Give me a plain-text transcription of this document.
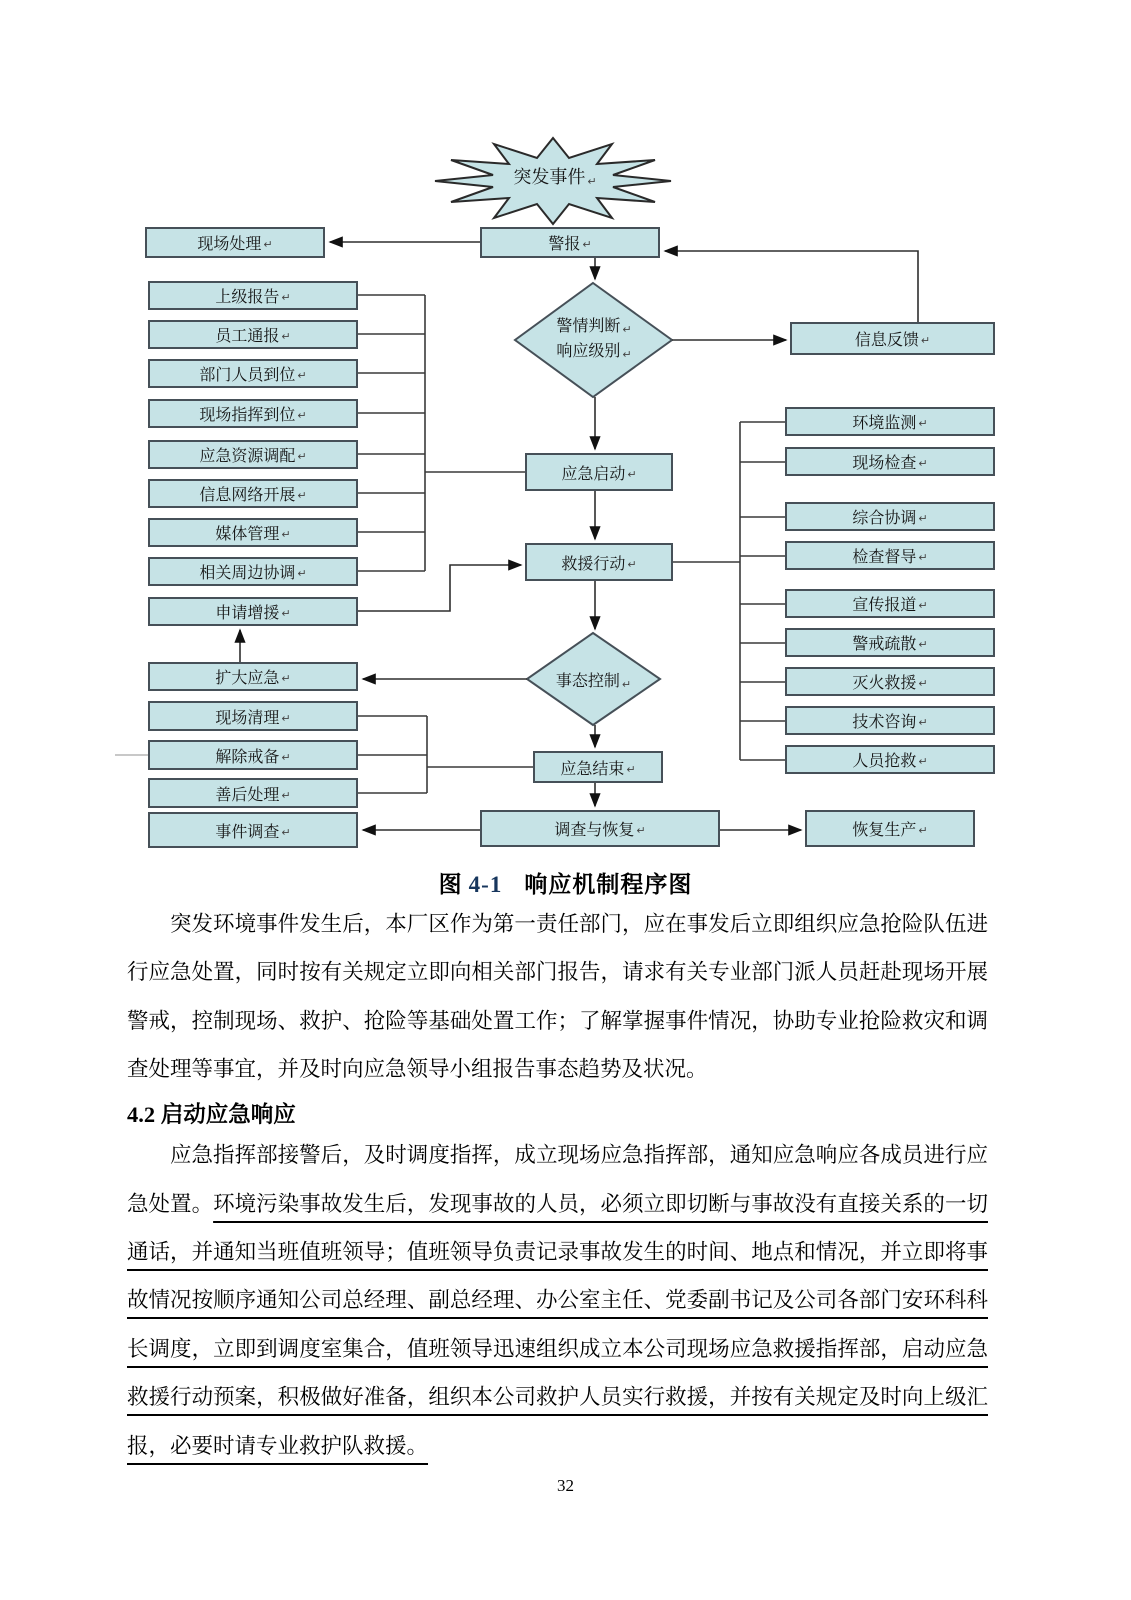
突发事件 ↵
现场处理 ↵	警报 ↵
上级报告 ↵
员工通报 ↵
部门人员到位 ↵
现场指挥到位 ↵
应急资源调配 ↵
信息网络开展 ↵
媒体管理 ↵
相关周边协调 ↵
申请增援 ↵
扩大应急 ↵
现场清理 ↵
解除戒备 ↵
善后处理 ↵
事件调查 ↵
警情判断 ↵
响应级别 ↵
事态控制 ↵
应急启动 ↵
救援行动 ↵
应急结束 ↵
调查与恢复 ↵
信息反馈 ↵
环境监测 ↵
现场检查 ↵
综合协调 ↵
检查督导 ↵
宣传报道 ↵
警戒疏散 ↵
灭火救援 ↵
技术咨询 ↵
人员抢救 ↵
恢复生产 ↵
图 4-1 响应机制程序图

突发环境事件发生后，本厂区作为第一责任部门，应在事发后立即组织应急抢险队伍进行应急处置，同时按有关规定立即向相关部门报告，请求有关专业部门派人员赶赴现场开展警戒，控制现场、救护、抢险等基础处置工作；了解掌握事件情况，协助专业抢险救灾和调查处理等事宜，并及时向应急领导小组报告事态趋势及状况。

4.2 启动应急响应

应急指挥部接警后，及时调度指挥，成立现场应急指挥部，通知应急响应各成员进行应急处置。环境污染事故发生后，发现事故的人员，必须立即切断与事故没有直接关系的一切通话，并通知当班值班领导；值班领导负责记录事故发生的时间、地点和情况，并立即将事故情况按顺序通知公司总经理、副总经理、办公室主任、党委副书记及公司各部门安环科科长调度，立即到调度室集合，值班领导迅速组织成立本公司现场应急救援指挥部，启动应急救援行动预案，积极做好准备，组织本公司救护人员实行救援，并按有关规定及时向上级汇报，必要时请专业救护队救援。

32
